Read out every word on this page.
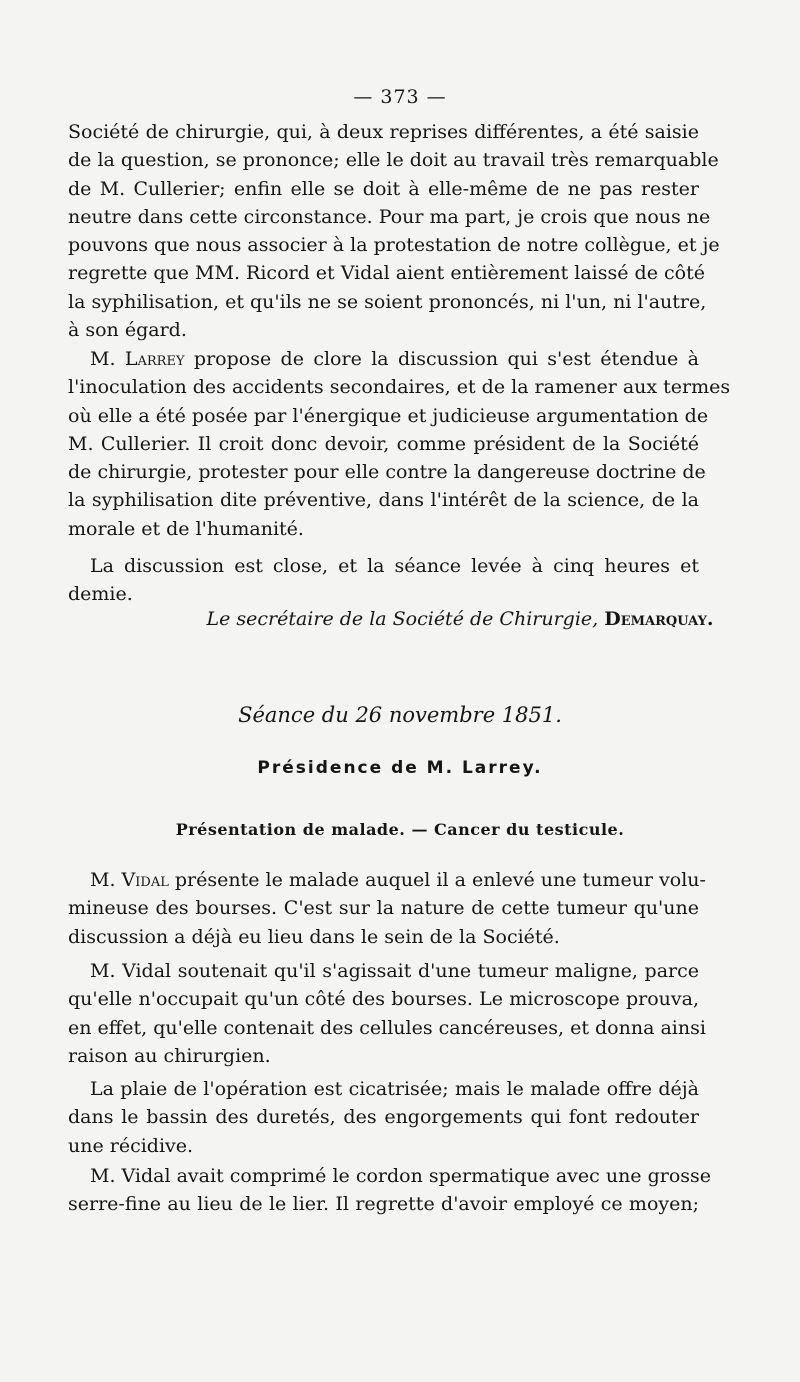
— 373 —
Société de chirurgie, qui, à deux reprises différentes, a été saisie
de la question, se prononce; elle le doit au travail très remarquable
de M. Cullerier; enfin elle se doit à elle-même de ne pas rester
neutre dans cette circonstance. Pour ma part, je crois que nous ne
pouvons que nous associer à la protestation de notre collègue, et je
regrette que MM. Ricord et Vidal aient entièrement laissé de côté
la syphilisation, et qu'ils ne se soient prononcés, ni l'un, ni l'autre,
à son égard.
M. Larrey propose de clore la discussion qui s'est étendue à
l'inoculation des accidents secondaires, et de la ramener aux termes
où elle a été posée par l'énergique et judicieuse argumentation de
M. Cullerier. Il croit donc devoir, comme président de la Société
de chirurgie, protester pour elle contre la dangereuse doctrine de
la syphilisation dite préventive, dans l'intérêt de la science, de la
morale et de l'humanité.
La discussion est close, et la séance levée à cinq heures et
demie.
Le secrétaire de la Société de Chirurgie, Demarquay.
Séance du 26 novembre 1851.
Présidence de M. Larrey.
Présentation de malade. — Cancer du testicule.
M. Vidal présente le malade auquel il a enlevé une tumeur volu-
mineuse des bourses. C'est sur la nature de cette tumeur qu'une
discussion a déjà eu lieu dans le sein de la Société.
M. Vidal soutenait qu'il s'agissait d'une tumeur maligne, parce
qu'elle n'occupait qu'un côté des bourses. Le microscope prouva,
en effet, qu'elle contenait des cellules cancéreuses, et donna ainsi
raison au chirurgien.
La plaie de l'opération est cicatrisée; mais le malade offre déjà
dans le bassin des duretés, des engorgements qui font redouter
une récidive.
M. Vidal avait comprimé le cordon spermatique avec une grosse
serre-fine au lieu de le lier. Il regrette d'avoir employé ce moyen;
